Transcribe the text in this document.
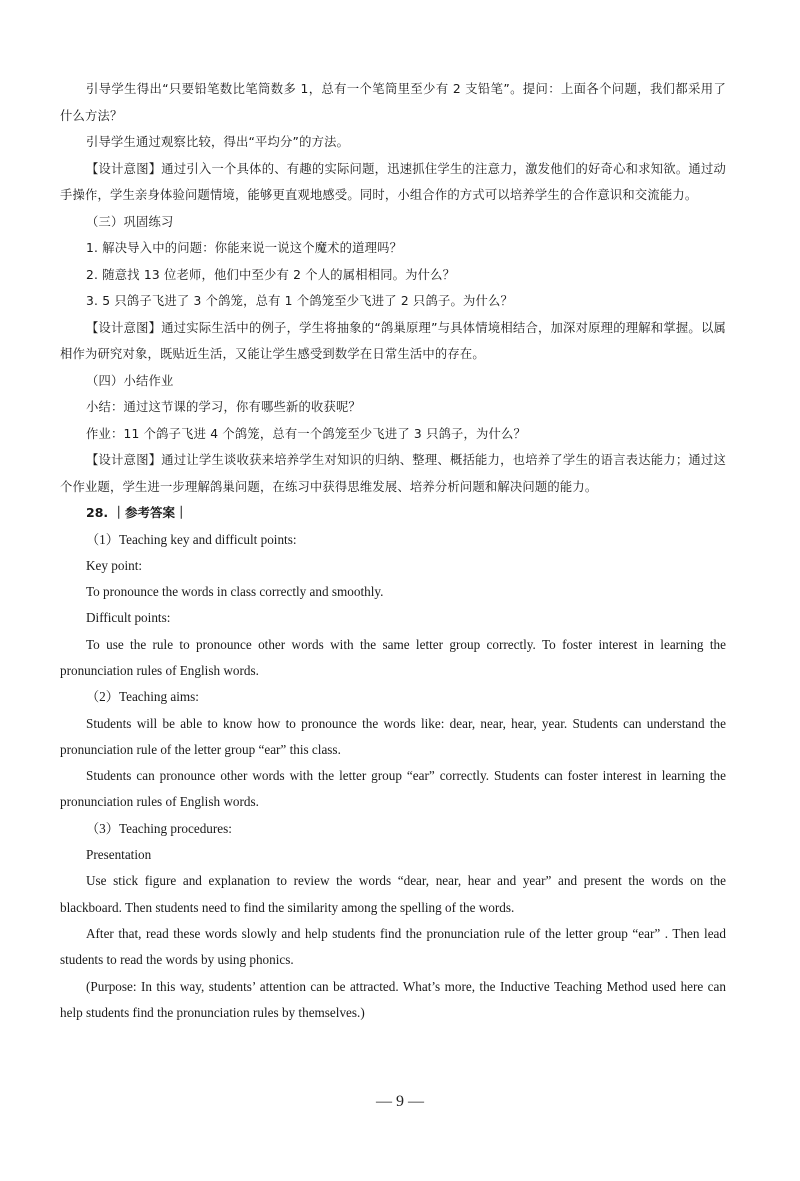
引导学生得出“只要铅笔数比笔筒数多 1，总有一个笔筒里至少有 2 支铅笔”。提问：上面各个问题，我们都采用了什么方法？

引导学生通过观察比较，得出“平均分”的方法。

【设计意图】通过引入一个具体的、有趣的实际问题，迅速抓住学生的注意力，激发他们的好奇心和求知欲。通过动手操作，学生亲身体验问题情境，能够更直观地感受。同时，小组合作的方式可以培养学生的合作意识和交流能力。

（三）巩固练习

1. 解决导入中的问题：你能来说一说这个魔术的道理吗？

2. 随意找 13 位老师，他们中至少有 2 个人的属相相同。为什么？

3. 5 只鸽子飞进了 3 个鸽笼，总有 1 个鸽笼至少飞进了 2 只鸽子。为什么？

【设计意图】通过实际生活中的例子，学生将抽象的“鸽巢原理”与具体情境相结合，加深对原理的理解和掌握。以属相作为研究对象，既贴近生活，又能让学生感受到数学在日常生活中的存在。

（四）小结作业

小结：通过这节课的学习，你有哪些新的收获呢？

作业：11 个鸽子飞进 4 个鸽笼，总有一个鸽笼至少飞进了 3 只鸽子，为什么？

【设计意图】通过让学生谈收获来培养学生对知识的归纳、整理、概括能力，也培养了学生的语言表达能力；通过这个作业题，学生进一步理解鸽巢问题，在练习中获得思维发展、培养分析问题和解决问题的能力。

28. ｜参考答案｜

（1）Teaching key and difficult points:

Key point:

To pronounce the words in class correctly and smoothly.

Difficult points:

To use the rule to pronounce other words with the same letter group correctly. To foster interest in learning the pronunciation rules of English words.

（2）Teaching aims:

Students will be able to know how to pronounce the words like: dear, near, hear, year. Students can understand the pronunciation rule of the letter group “ear” this class.

Students can pronounce other words with the letter group “ear” correctly. Students can foster interest in learning the pronunciation rules of English words.

（3）Teaching procedures:

Presentation

Use stick figure and explanation to review the words “dear, near, hear and year” and present the words on the blackboard. Then students need to find the similarity among the spelling of the words.

After that, read these words slowly and help students find the pronunciation rule of the letter group “ear” . Then lead students to read the words by using phonics.

(Purpose: In this way, students’ attention can be attracted. What’s more, the Inductive Teaching Method used here can help students find the pronunciation rules by themselves.)

— 9 —
